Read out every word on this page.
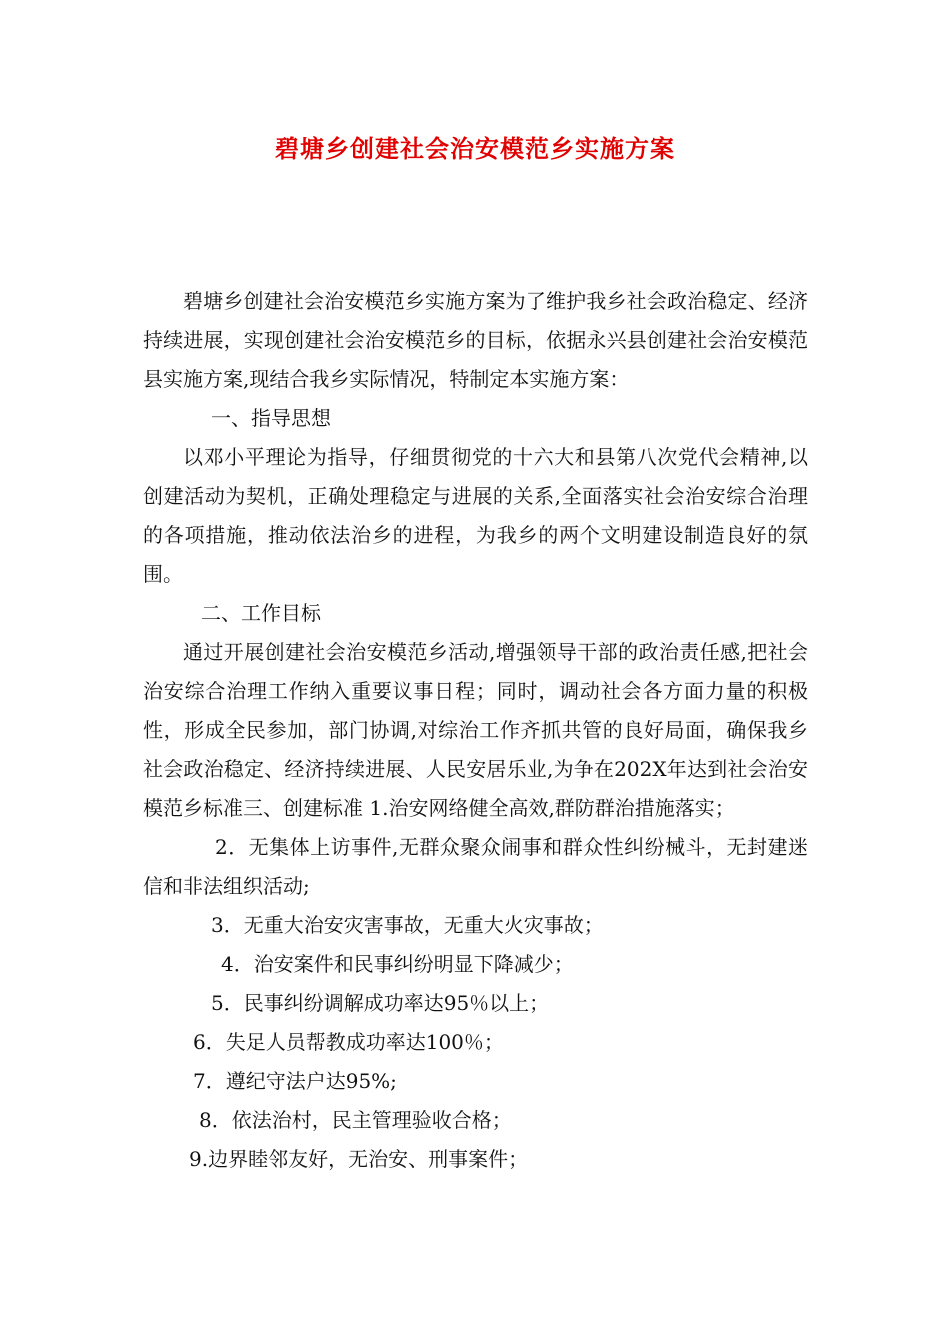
碧塘乡创建社会治安模范乡实施方案

碧塘乡创建社会治安模范乡实施方案为了维护我乡社会政治稳定、经济持续进展，实现创建社会治安模范乡的目标，依据永兴县创建社会治安模范县实施方案,现结合我乡实际情况，特制定本实施方案：

一、指导思想

以邓小平理论为指导，仔细贯彻党的十六大和县第八次党代会精神,以创建活动为契机，正确处理稳定与进展的关系,全面落实社会治安综合治理的各项措施，推动依法治乡的进程，为我乡的两个文明建设制造良好的氛围。

二、工作目标

通过开展创建社会治安模范乡活动,增强领导干部的政治责任感,把社会治安综合治理工作纳入重要议事日程；同时，调动社会各方面力量的积极性，形成全民参加，部门协调,对综治工作齐抓共管的良好局面，确保我乡社会政治稳定、经济持续进展、人民安居乐业,为争在202X年达到社会治安模范乡标准三、创建标准 1.治安网络健全高效,群防群治措施落实；

2．无集体上访事件,无群众聚众闹事和群众性纠纷械斗，无封建迷信和非法组织活动;

3．无重大治安灾害事故，无重大火灾事故；

4．治安案件和民事纠纷明显下降减少；

5．民事纠纷调解成功率达95％以上；

6．失足人员帮教成功率达100％；

7．遵纪守法户达95%;

8．依法治村，民主管理验收合格；

9.边界睦邻友好，无治安、刑事案件；
